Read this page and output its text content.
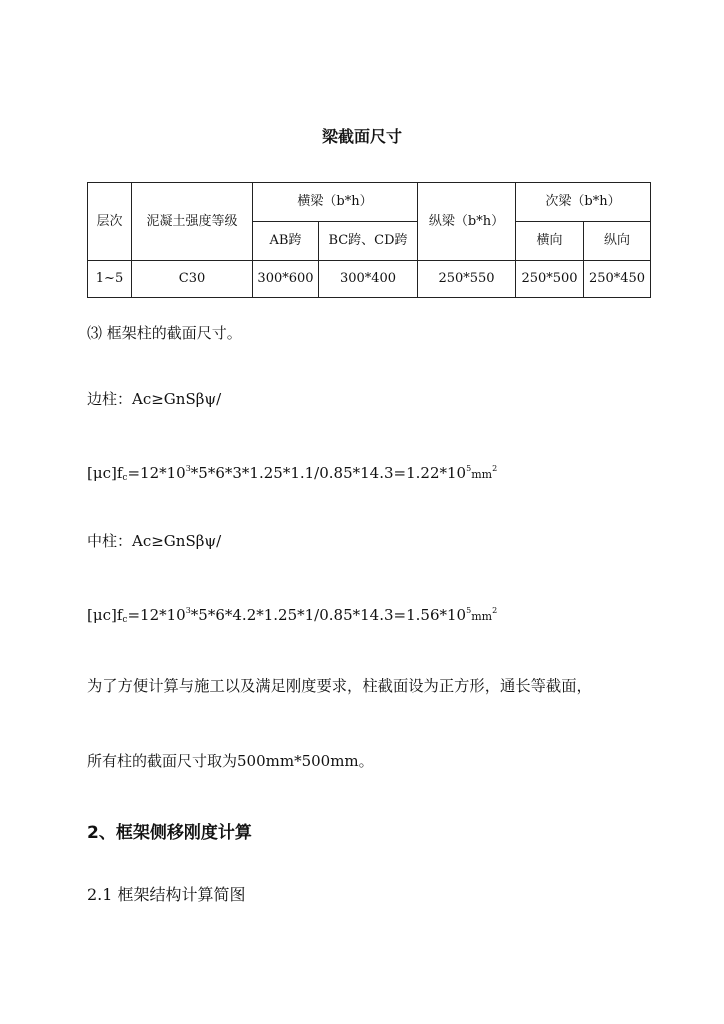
梁截面尺寸
层次	泥凝土强度等级	横梁（b*h）		纵梁（b*h）	次梁（b*h）	
		AB跨	BC跨、CD跨		横向	纵向
1~5	C30	300*600	300*400	250*550	250*500	250*450
⑶ 框架柱的截面尺寸。
边柱：Ac≥GnSβψ/
$[\mu c]f_c=12*10^3*5*6*3*1.25*1.1/0.85*14.3=1.22*10^5mm^2$
中柱：Ac≥GnSβψ/
$[\mu c]f_c=12*10^3*5*6*4.2*1.25*1/0.85*14.3=1.56*10^5mm^2$
为了方便计算与施工以及满足刚度要求，柱截面设为正方形，通长等截面，
所有柱的截面尺寸取为500mm*500mm。
2、框架侧移刚度计算
2.1 框架结构计算简图
